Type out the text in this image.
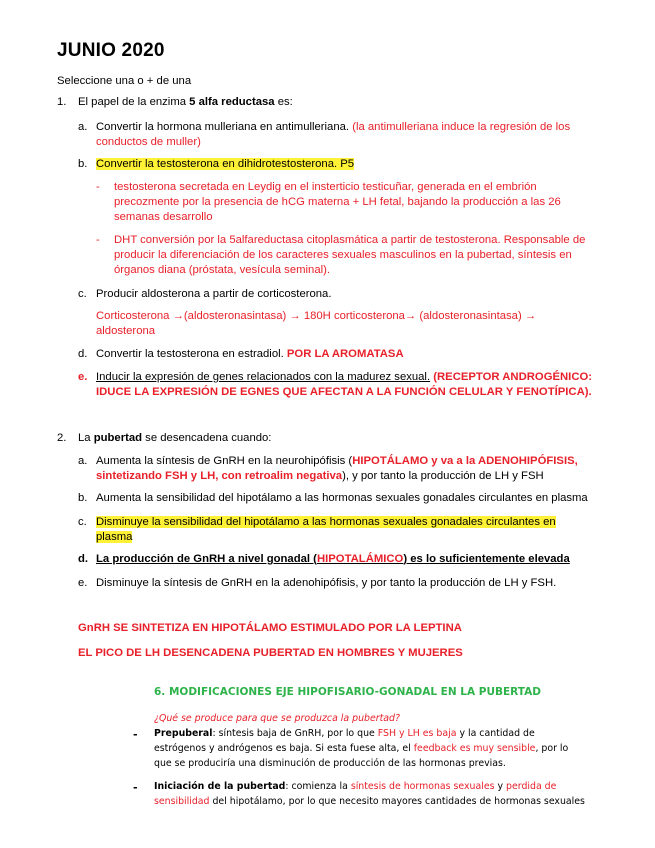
JUNIO 2020
Seleccione una o + de una
1. El papel de la enzima 5 alfa reductasa es:
a. Convertir la hormona mulleriana en antimulleriana. (la antimulleriana induce la regresión de los
conductos de muller)
b. Convertir la testosterona en dihidrotestosterona. P5
- testosterona secretada en Leydig en el insterticio testicuñar, generada en el embrión
precozmente por la presencia de hCG materna + LH fetal, bajando la producción a las 26
semanas desarrollo
- DHT conversión por la 5alfareductasa citoplasmática a partir de testosterona. Responsable de
producir la diferenciación de los caracteres sexuales masculinos en la pubertad, síntesis en
órganos diana (próstata, vesícula seminal).
c. Producir aldosterona a partir de corticosterona.
Corticosterona →(aldosteronasintasa) → 180H corticosterona→ (aldosteronasintasa) →
aldosterona
d. Convertir la testosterona en estradiol. POR LA AROMATASA
e. Inducir la expresión de genes relacionados con la madurez sexual. (RECEPTOR ANDROGÉNICO:
IDUCE LA EXPRESIÓN DE EGNES QUE AFECTAN A LA FUNCIÓN CELULAR Y FENOTÍPICA).
2. La pubertad se desencadena cuando:
a. Aumenta la síntesis de GnRH en la neurohipófisis (HIPOTÁLAMO y va a la ADENOHIPÓFISIS,
sintetizando FSH y LH, con retroalim negativa), y por tanto la producción de LH y FSH
b. Aumenta la sensibilidad del hipotálamo a las hormonas sexuales gonadales circulantes en plasma
c. Disminuye la sensibilidad del hipotálamo a las hormonas sexuales gonadales circulantes en
plasma
d. La producción de GnRH a nivel gonadal (HIPOTALÁMICO) es lo suficientemente elevada
e. Disminuye la síntesis de GnRH en la adenohipófisis, y por tanto la producción de LH y FSH.
GnRH SE SINTETIZA EN HIPOTÁLAMO ESTIMULADO POR LA LEPTINA
EL PICO DE LH DESENCADENA PUBERTAD EN HOMBRES Y MUJERES
6. MODIFICACIONES EJE HIPOFISARIO-GONADAL EN LA PUBERTAD
¿Qué se produce para que se produzca la pubertad?
- Prepuberal: síntesis baja de GnRH, por lo que FSH y LH es baja y la cantidad de
estrógenos y andrógenos es baja. Si esta fuese alta, el feedback es muy sensible, por lo
que se produciría una disminución de producción de las hormonas previas.
- Iniciación de la pubertad: comienza la síntesis de hormonas sexuales y perdida de
sensibilidad del hipotálamo, por lo que necesito mayores cantidades de hormonas sexuales
